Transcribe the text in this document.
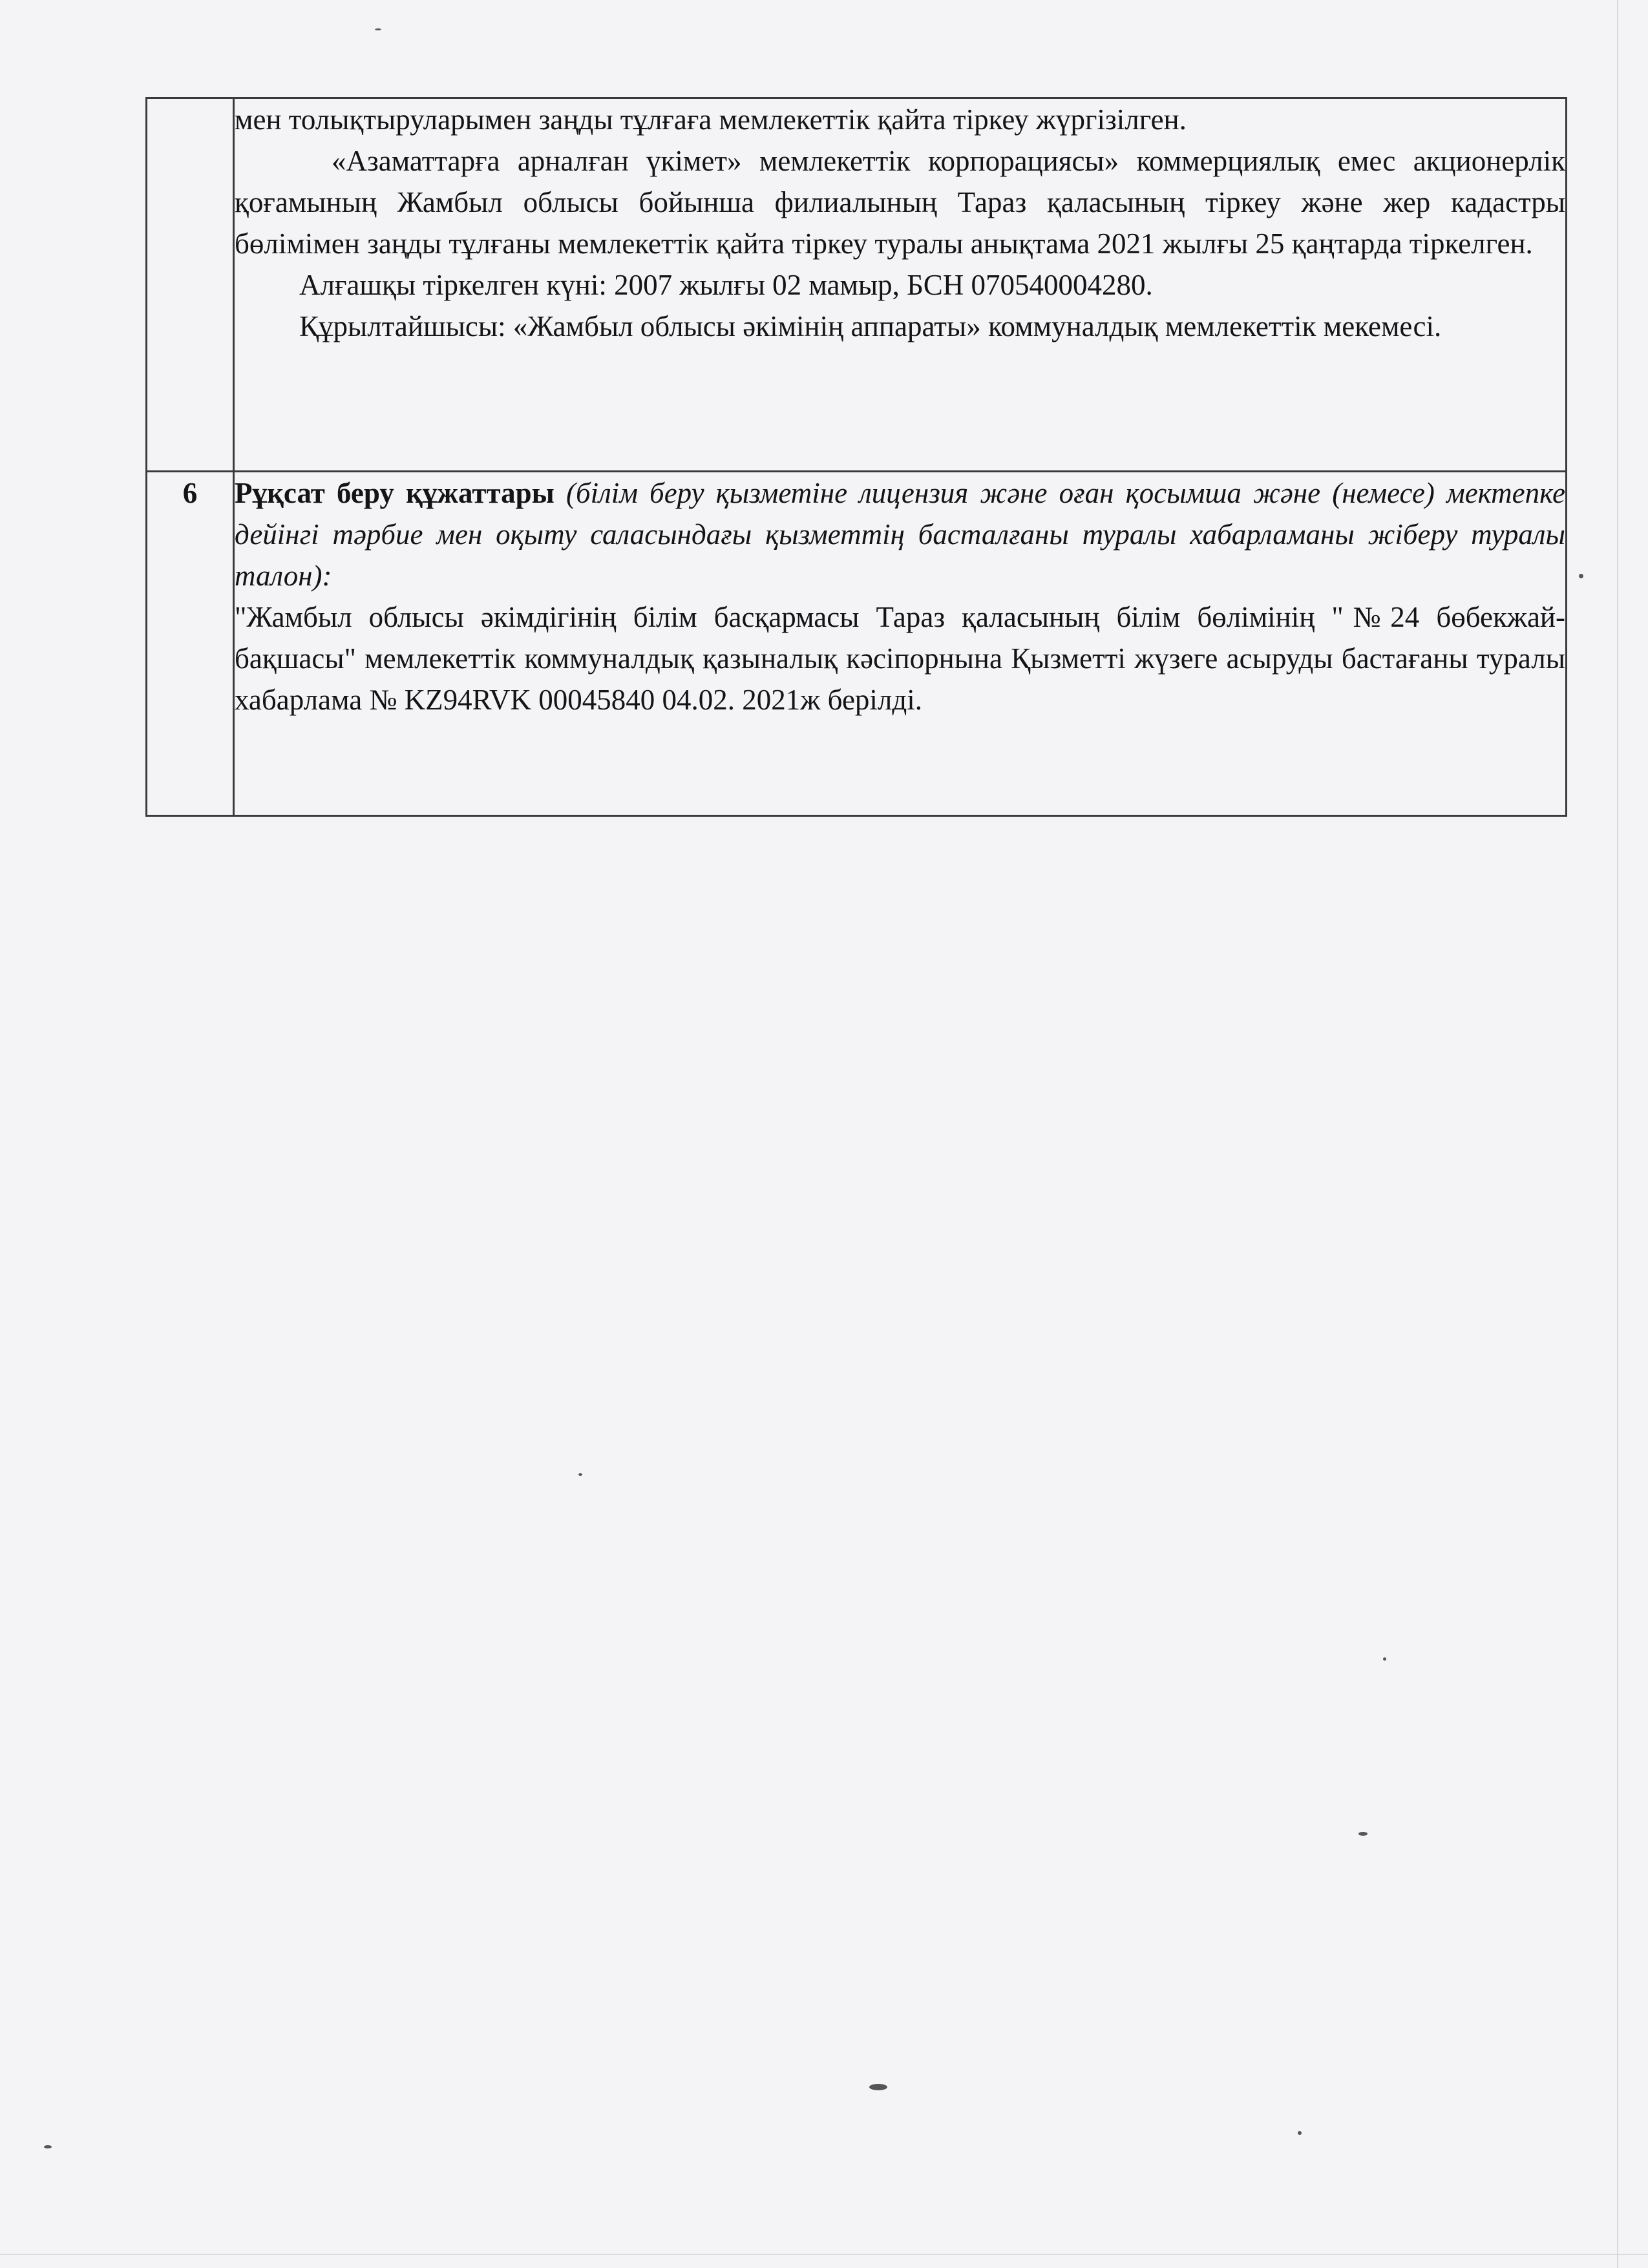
	мен толықтыруларымен заңды тұлғаға мемлекеттік қайта тіркеу жүргізілген.

«Азаматтарға арналған үкімет» мемлекеттік корпорациясы» коммерциялық емес акционерлік қоғамының Жамбыл облысы бойынша филиалының Тараз қаласының тіркеу және жер кадастры бөлімімен заңды тұлғаны мемлекеттік қайта тіркеу туралы анықтама 2021 жылғы 25 қаңтарда тіркелген.

Алғашқы тіркелген күні: 2007 жылғы 02 мамыр, БСН 070540004280.

Құрылтайшысы: «Жамбыл облысы әкімінің аппараты» коммуналдық мемлекеттік мекемесі.

6	Рұқсат беру құжаттары (білім беру қызметіне лицензия және оған қосымша және (немесе) мектепке дейінгі тәрбие мен оқыту саласындағы қызметтің басталғаны туралы хабарламаны жіберу туралы талон):

"Жамбыл облысы әкімдігінің білім басқармасы Тараз қаласының білім бөлімінің "№24 бөбекжай-бақшасы" мемлекеттік коммуналдық қазыналық кәсіпорнына Қызметті жүзеге асыруды бастағаны туралы хабарлама № KZ94RVK 00045840 04.02. 2021ж берілді.
